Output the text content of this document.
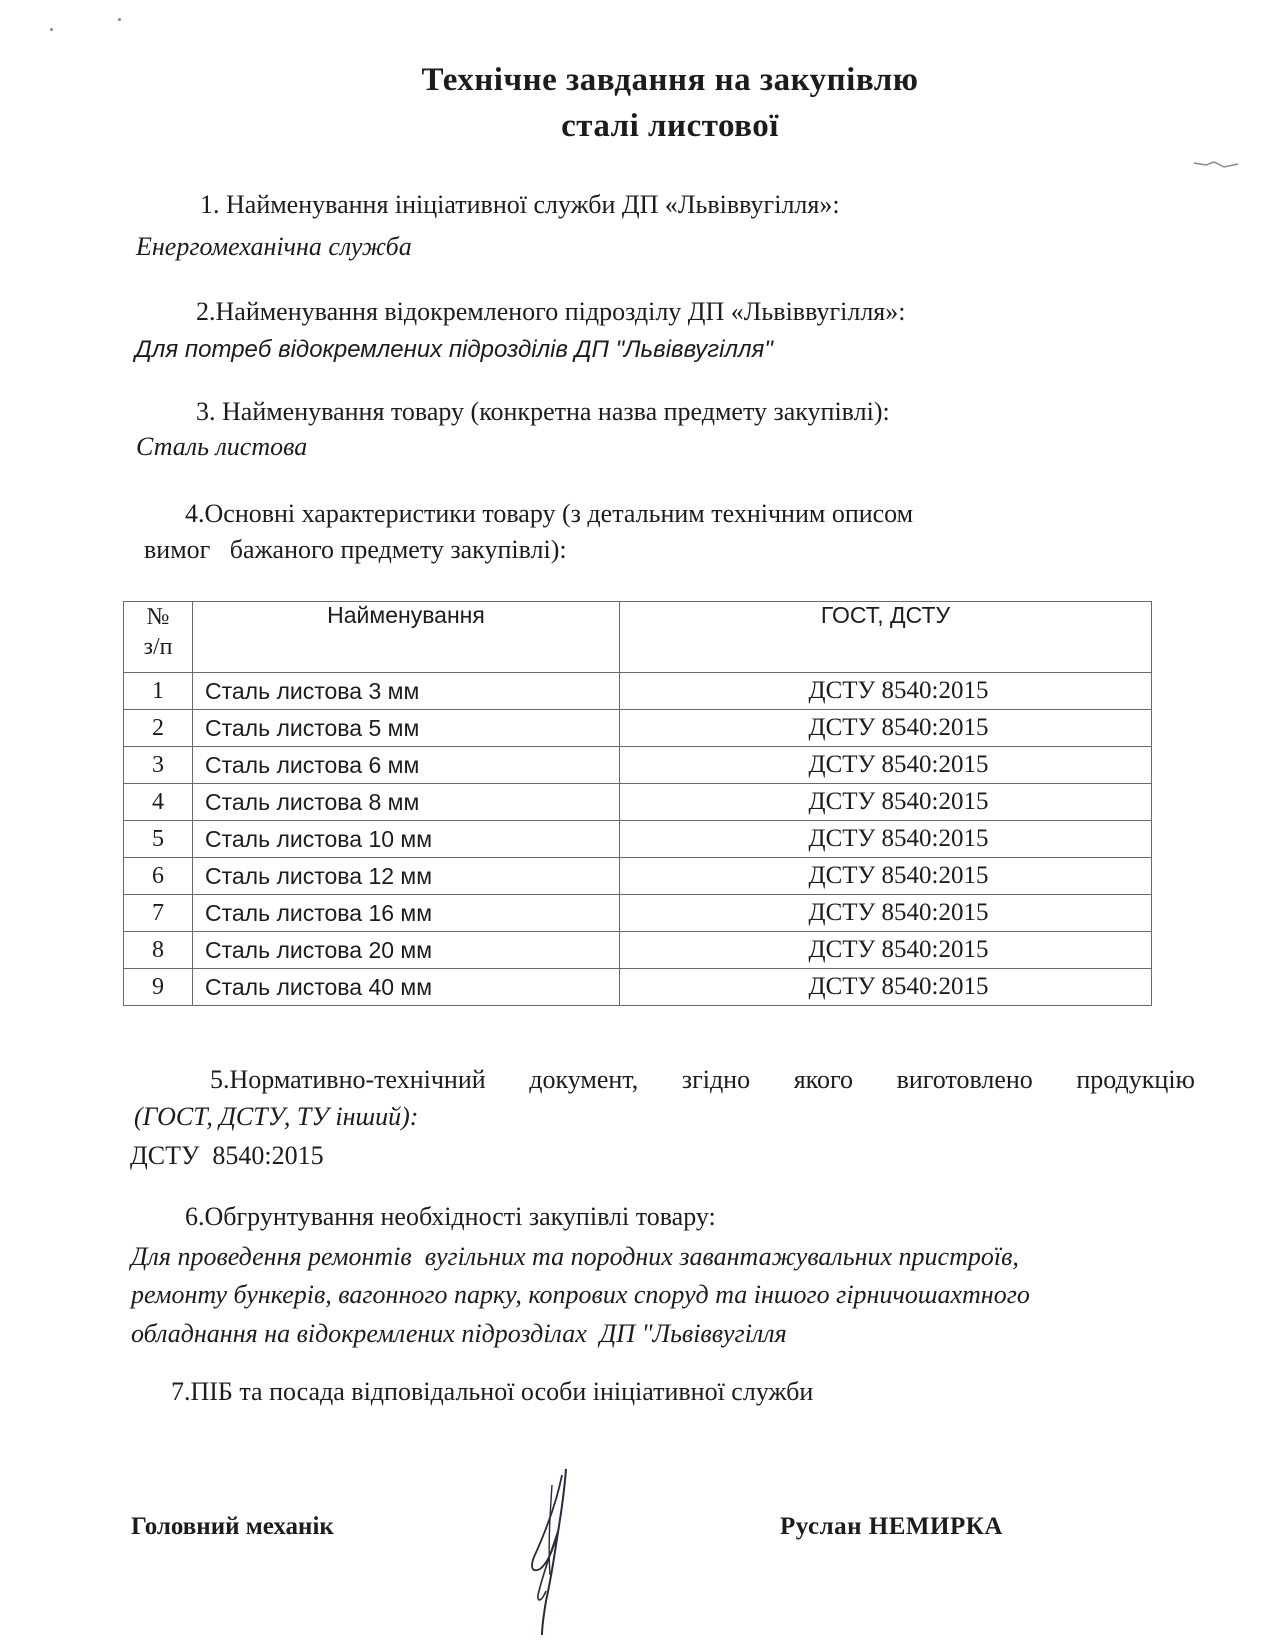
Технічне завдання на закупівлю
сталі листової
1. Найменування ініціативної служби ДП «Львіввугілля»:
Енергомеханічна служба
2.Найменування відокремленого підрозділу ДП «Львіввугілля»:
Для потреб відокремлених підрозділів ДП "Львіввугілля"
3. Найменування товару (конкретна назва предмету закупівлі):
Сталь листова
4.Основні характеристики товару (з детальним технічним описом
вимог   бажаного предмету закупівлі):
№
з/п	Найменування	ГОСТ, ДСТУ
1	Сталь листова 3 мм	ДСТУ 8540:2015
2	Сталь листова 5 мм	ДСТУ 8540:2015
3	Сталь листова 6 мм	ДСТУ 8540:2015
4	Сталь листова 8 мм	ДСТУ 8540:2015
5	Сталь листова 10 мм	ДСТУ 8540:2015
6	Сталь листова 12 мм	ДСТУ 8540:2015
7	Сталь листова 16 мм	ДСТУ 8540:2015
8	Сталь листова 20 мм	ДСТУ 8540:2015
9	Сталь листова 40 мм	ДСТУ 8540:2015
5.Нормативно-технічний документ, згідно якого виготовлено продукцію
(ГОСТ, ДСТУ, ТУ інший):
ДСТУ  8540:2015
6.Обгрунтування необхідності закупівлі товару:
Для проведення ремонтів  вугільних та породних завантажувальних пристроїв,
ремонту бункерів, вагонного парку, копрових споруд та іншого гірничошахтного
обладнання на відокремлених підрозділах  ДП "Львіввугілля
7.ПІБ та посада відповідальної особи ініціативної служби
Головний механік	Руслан НЕМИРКА
